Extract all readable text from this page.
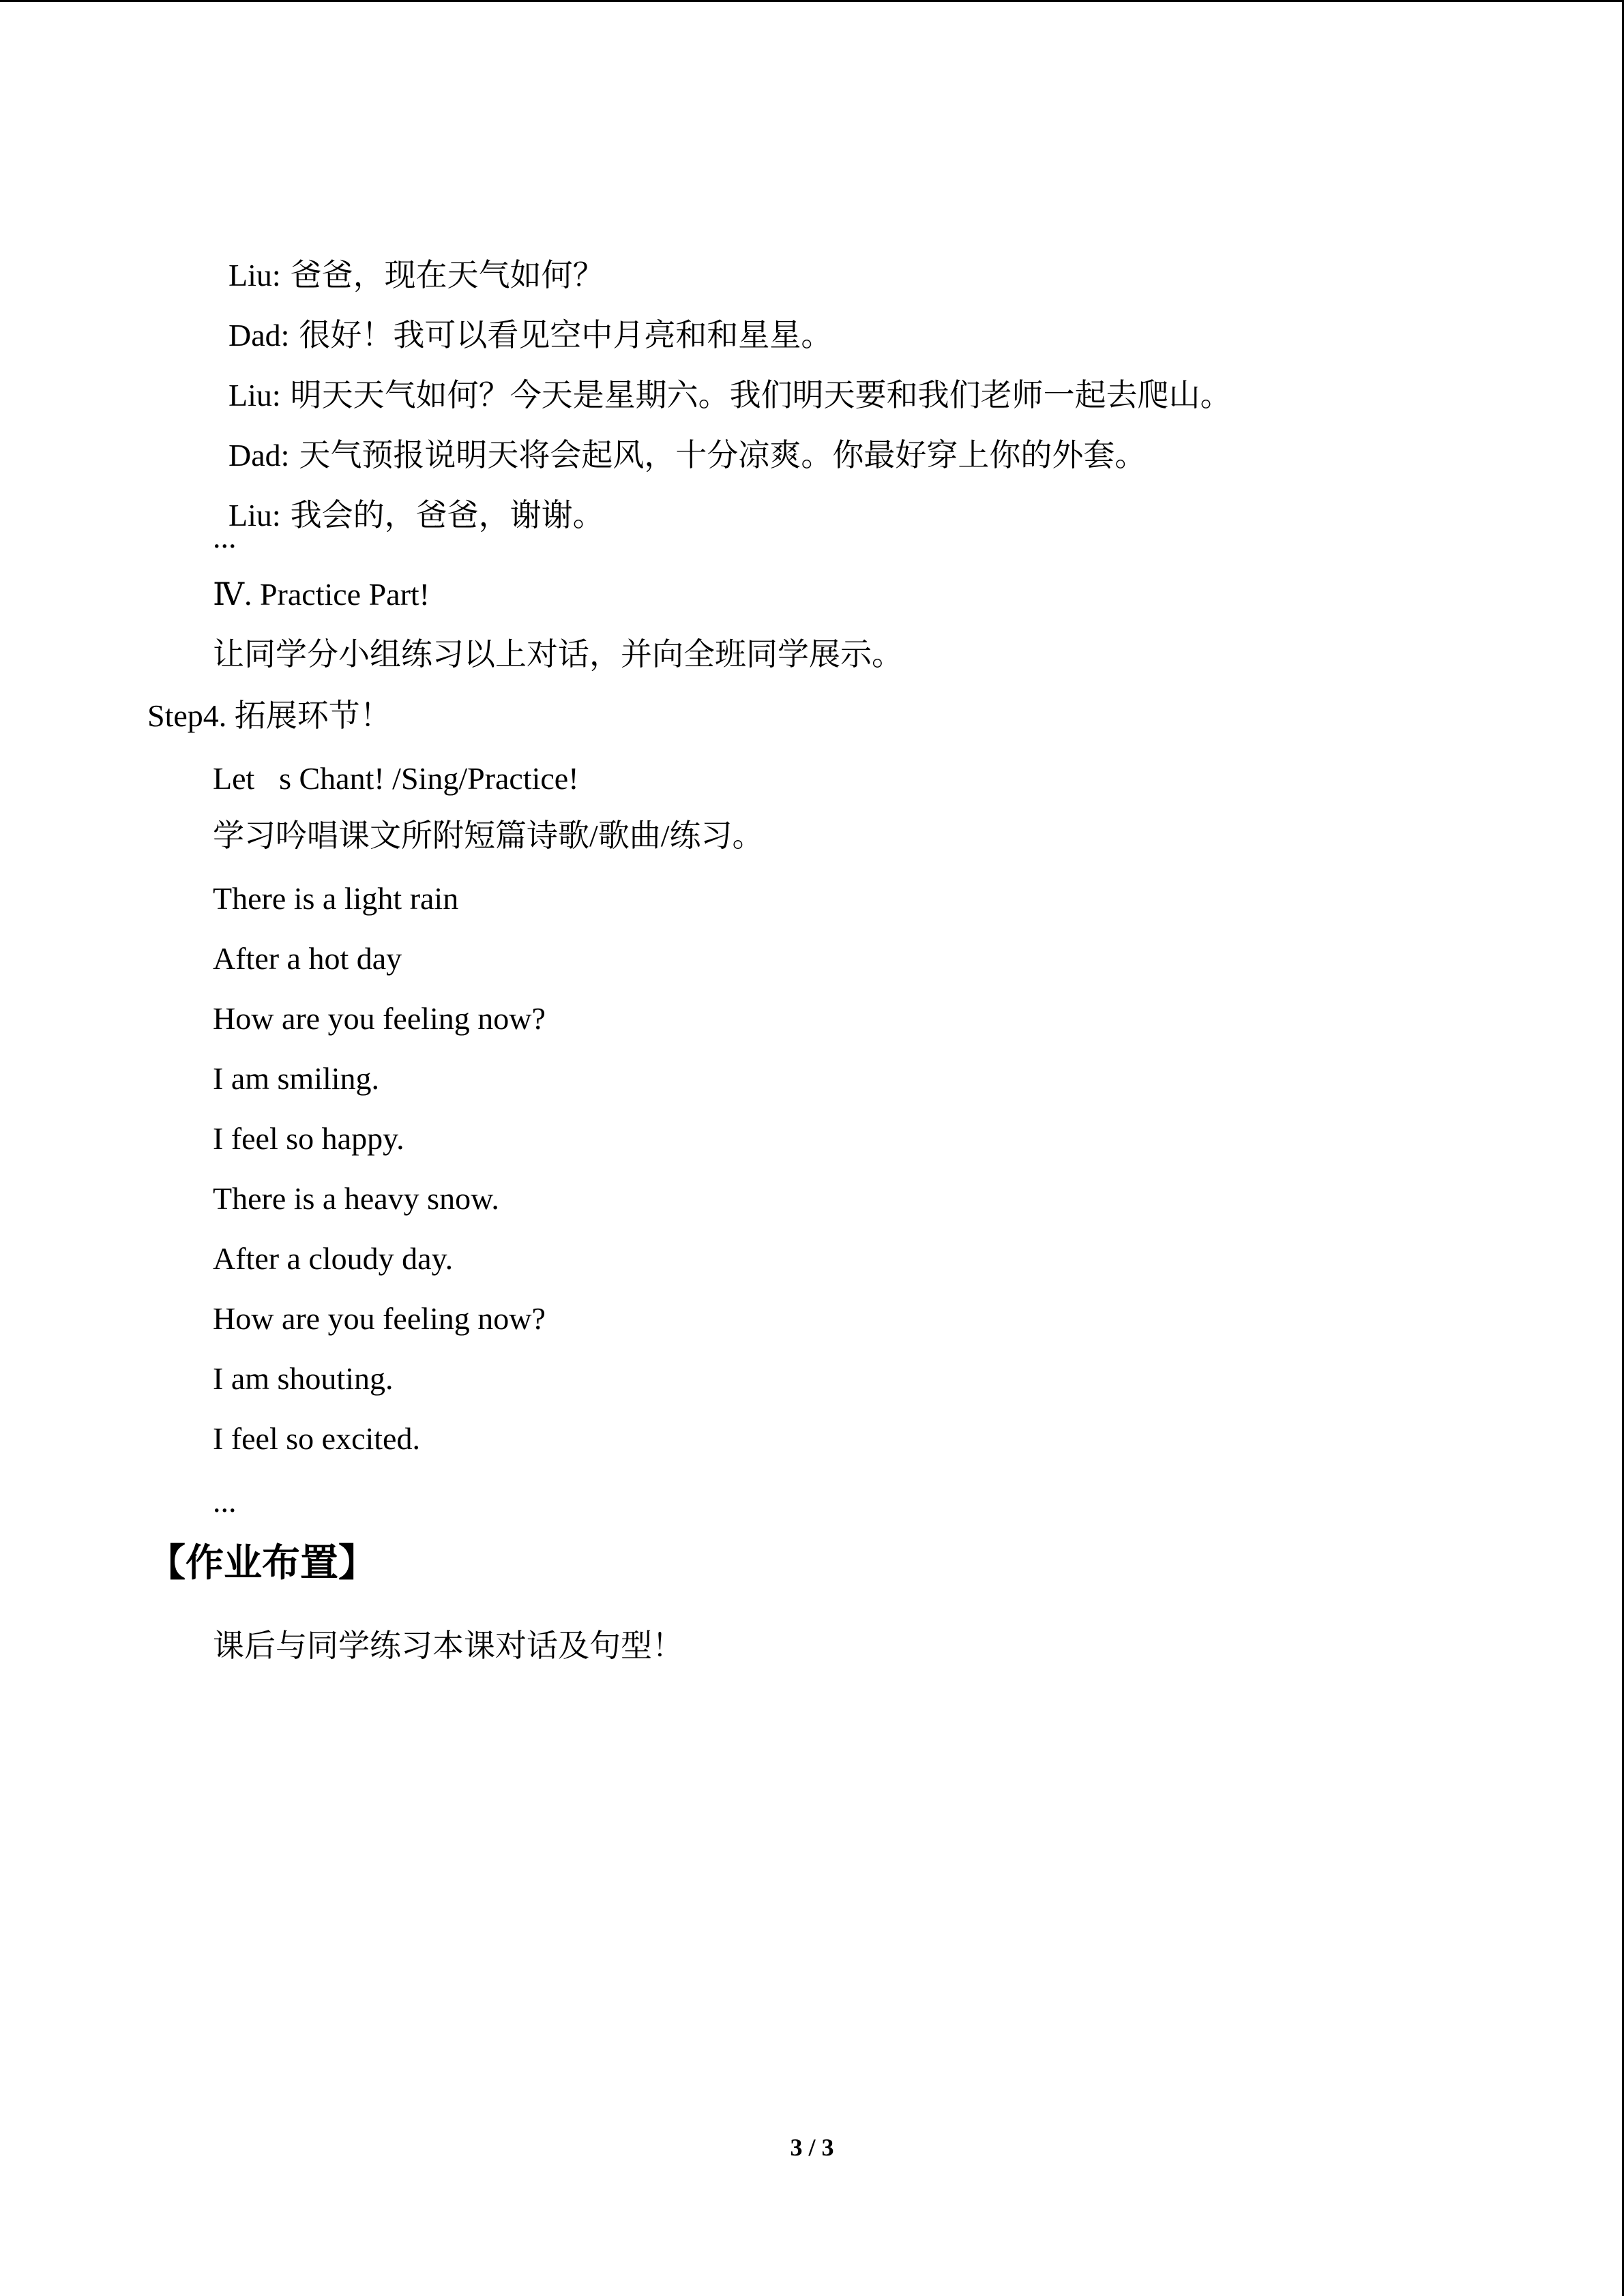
Liu: 爸爸，现在天气如何？

Dad: 很好！我可以看见空中月亮和和星星。

Liu: 明天天气如何？今天是星期六。我们明天要和我们老师一起去爬山。

Dad: 天气预报说明天将会起风，十分凉爽。你最好穿上你的外套。

Liu: 我会的，爸爸，谢谢。

...
Ⅳ. Practice Part!
让同学分小组练习以上对话，并向全班同学展示。
Step4. 拓展环节！
Let s Chant! /Sing/Practice!
学习吟唱课文所附短篇诗歌/歌曲/练习。
There is a light rain
After a hot day
How are you feeling now?
I am smiling.
I feel so happy.
There is a heavy snow.
After a cloudy day.
How are you feeling now?
I am shouting.
I feel so excited.
...
【作业布置】
课后与同学练习本课对话及句型！
3 / 3
